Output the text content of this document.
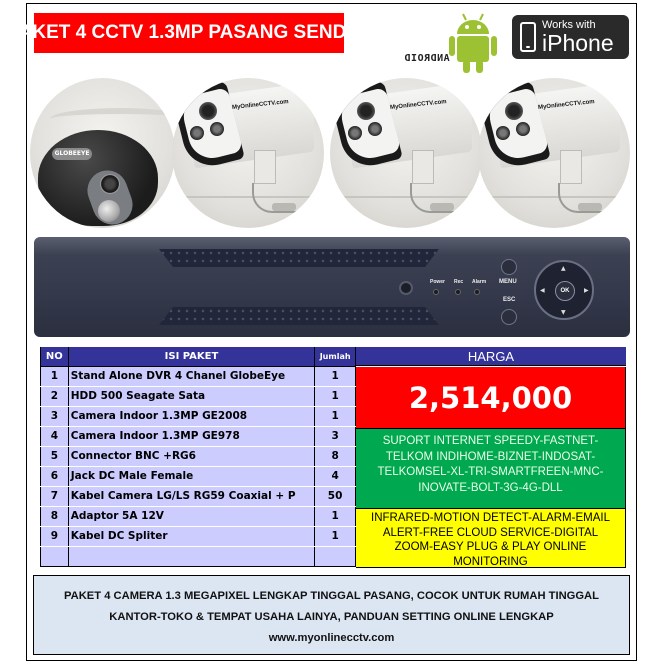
PAKET 4 CCTV 1.3MP PASANG SENDIRI
ANDROID
Works with
iPhone
GLOBEEYE
MyOnlineCCTV.com	MyOnlineCCTV.com	MyOnlineCCTV.com
Power Rec Alarm MENU
ESC
▲
▼
◀	▶
OK
NO	ISI PAKET	Jumlah
1	Stand Alone DVR 4 Chanel GlobeEye	1
2	HDD 500 Seagate Sata	1
3	Camera Indoor 1.3MP GE2008	1
4	Camera Indoor 1.3MP GE978	3
5	Connector BNC +RG6	8
6	Jack DC Male Female	4
7	Kabel Camera LG/LS RG59 Coaxial + P	50
8	Adaptor 5A 12V	1
9	Kabel DC Spliter	1

HARGA
2,514,000
SUPORT INTERNET SPEEDY-FASTNET-
TELKOM INDIHOME-BIZNET-INDOSAT-
TELKOMSEL-XL-TRI-SMARTFREEN-MNC-
INOVATE-BOLT-3G-4G-DLL
INFRARED-MOTION DETECT-ALARM-EMAIL
ALERT-FREE CLOUD SERVICE-DIGITAL
ZOOM-EASY PLUG & PLAY ONLINE
MONITORING
PAKET 4 CAMERA 1.3 MEGAPIXEL LENGKAP TINGGAL PASANG, COCOK UNTUK RUMAH TINGGAL
KANTOR-TOKO & TEMPAT USAHA LAINYA, PANDUAN SETTING ONLINE LENGKAP
www.myonlinecctv.com
